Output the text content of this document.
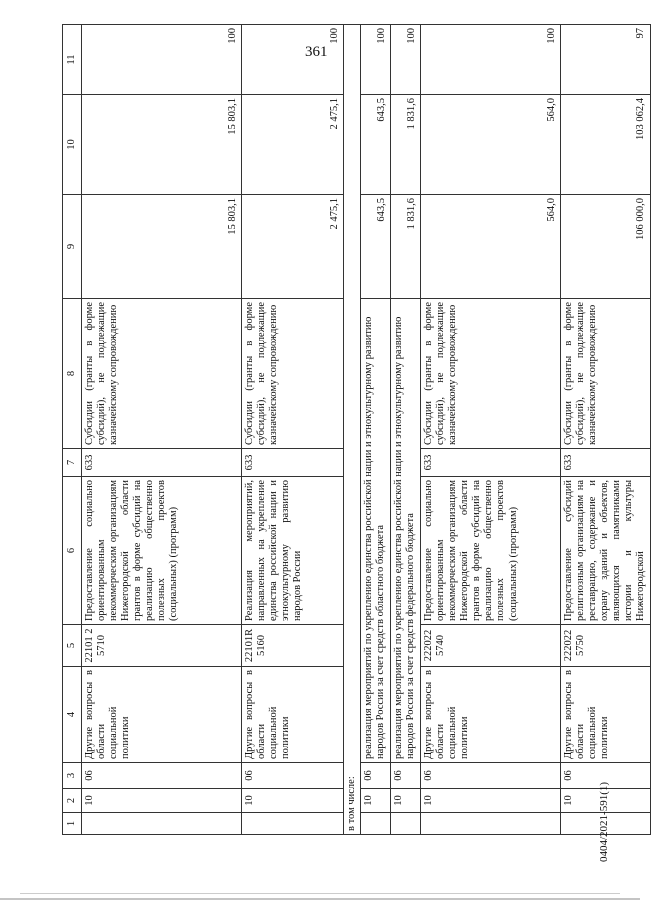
361
1	2	3	4	5	6	7	8	9	10	11
	10	06	Другие вопросы в области социальной политики	22101 2 5710	Предоставление социально ориентированным некоммерческим организациям Нижегородской области грантов в форме субсидий на реализацию общественно полезных проектов (социальных) (программ)	633	Субсидии (гранты в форме субсидий), не подлежащие казначейскому сопровождению	15 803,1	15 803,1	100
	10	06	Другие вопросы в области социальной политики	22101R 5160	Реализация мероприятий, направленных на укрепление единства российской нации и этнокультурному развитию народов России	633	Субсидии (гранты в форме субсидий), не подлежащие казначейскому сопровождению	2 475,1	2 475,1	100
в том числе:										
	10	06	реализация мероприятий по укреплению единства российской нации и этнокультурному развитию народов России за счет средств областного бюджета					643,5	643,5	100
	10	06	реализация мероприятий по укреплению единства российской нации и этнокультурному развитию народов России за счет средств федерального бюджета					1 831,6	1 831,6	100
	10	06	Другие вопросы в области социальной политики	222022 5740	Предоставление социально ориентированным некоммерческим организациям Нижегородской области грантов в форме субсидий на реализацию общественно полезных проектов (социальных) (программ)	633	Субсидии (гранты в форме субсидий), не подлежащие казначейскому сопровождению	564,0	564,0	100
	10	06	Другие вопросы в области социальной политики	222022 5750	Предоставление субсидий религиозным организациям на реставрацию, содержание и охрану зданий и объектов, являющихся памятниками истории и культуры Нижегородской	633	Субсидии (гранты в форме субсидий), не подлежащие казначейскому сопровождению	106 000,0	103 062,4	97
0404/2021-591(1)
